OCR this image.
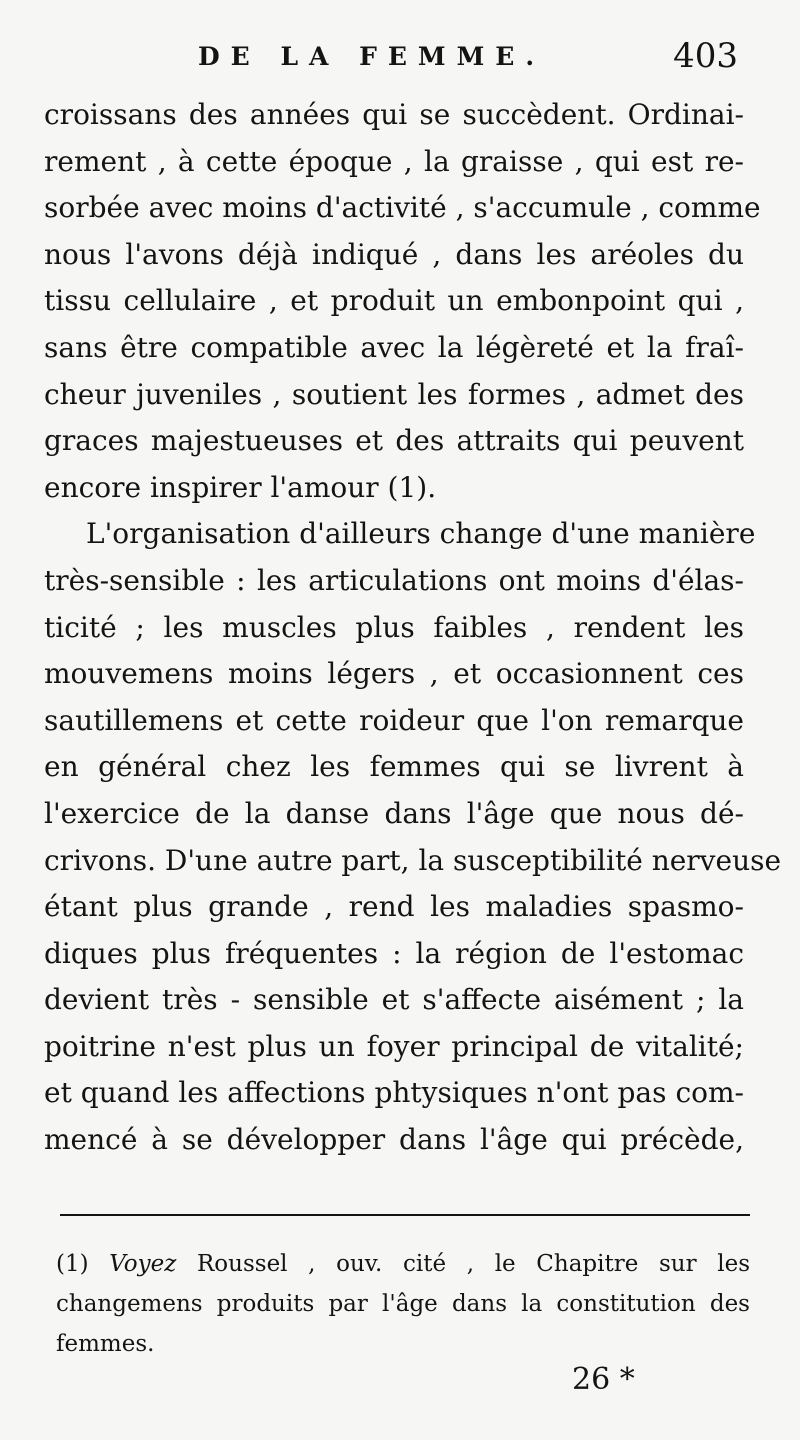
DE LA FEMME.	403
croissans des années qui se succèdent. Ordinai-
rement , à cette époque , la graisse , qui est re-
sorbée avec moins d'activité , s'accumule , comme
nous l'avons déjà indiqué , dans les aréoles du
tissu cellulaire , et produit un embonpoint qui ,
sans être compatible avec la légèreté et la fraî-
cheur juveniles , soutient les formes , admet des
graces majestueuses et des attraits qui peuvent
encore inspirer l'amour (1).
L'organisation d'ailleurs change d'une manière
très-sensible : les articulations ont moins d'élas-
ticité ; les muscles plus faibles , rendent les
mouvemens moins légers , et occasionnent ces
sautillemens et cette roideur que l'on remarque
en général chez les femmes qui se livrent à
l'exercice de la danse dans l'âge que nous dé-
crivons. D'une autre part, la susceptibilité nerveuse
étant plus grande , rend les maladies spasmo-
diques plus fréquentes : la région de l'estomac
devient très - sensible et s'affecte aisément ; la
poitrine n'est plus un foyer principal de vitalité;
et quand les affections phtysiques n'ont pas com-
mencé à se développer dans l'âge qui précède,
(1) Voyez Roussel , ouv. cité , le Chapitre sur les
changemens produits par l'âge dans la constitution des
femmes.
26 *
